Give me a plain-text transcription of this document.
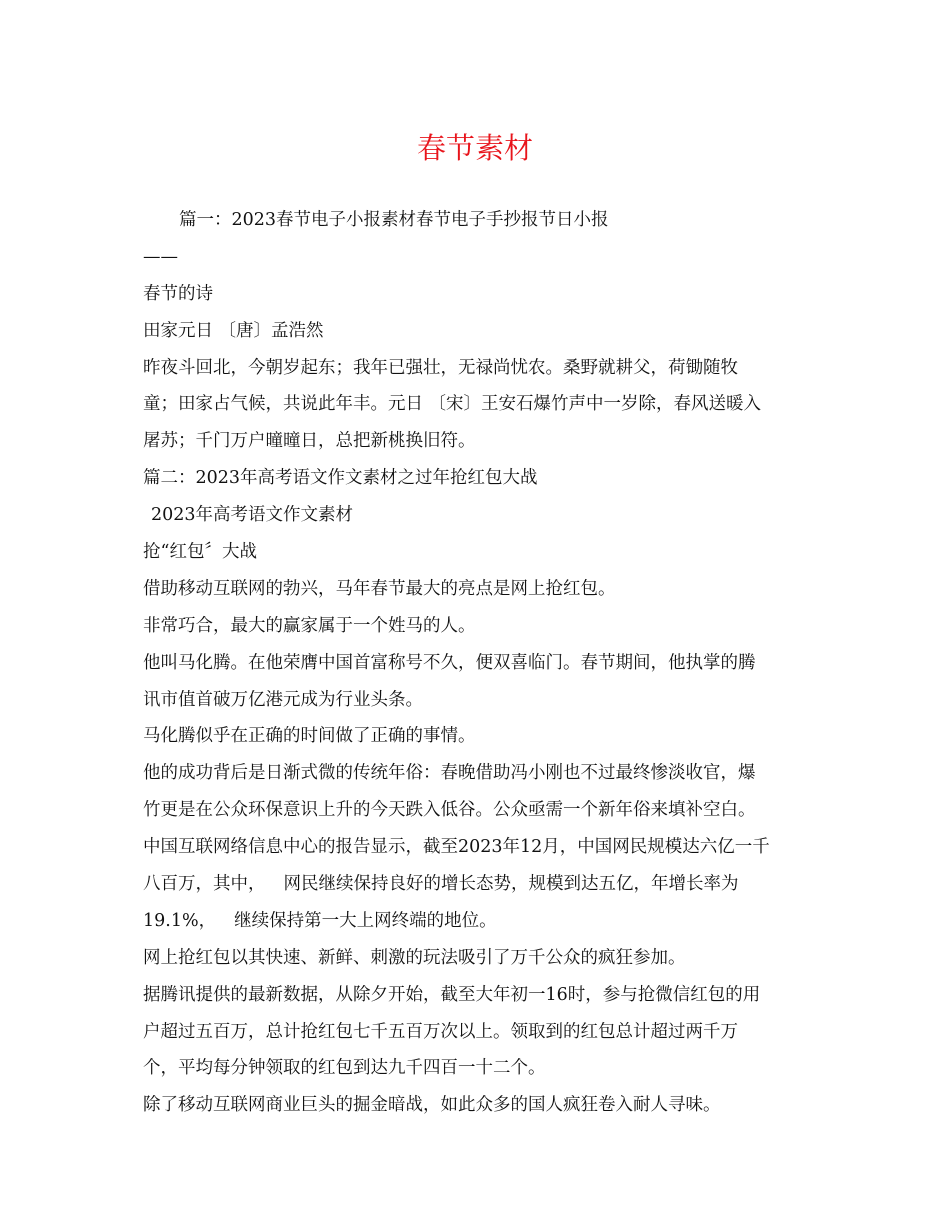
春节素材
篇一：2023春节电子小报素材春节电子手抄报节日小报
——
春节的诗
田家元日 〔唐〕孟浩然
昨夜斗回北，今朝岁起东；我年已强壮，无禄尚忧农。桑野就耕父，荷锄随牧
童；田家占气候，共说此年丰。元日 〔宋〕王安石爆竹声中一岁除，春风送暖入
屠苏；千门万户曈曈日，总把新桃换旧符。
篇二：2023年高考语文作文素材之过年抢红包大战
2023年高考语文作文素材
抢“红包〞大战
借助移动互联网的勃兴，马年春节最大的亮点是网上抢红包。
非常巧合，最大的赢家属于一个姓马的人。
他叫马化腾。在他荣膺中国首富称号不久，便双喜临门。春节期间，他执掌的腾
讯市值首破万亿港元成为行业头条。
马化腾似乎在正确的时间做了正确的事情。
他的成功背后是日渐式微的传统年俗：春晚借助冯小刚也不过最终惨淡收官，爆
竹更是在公众环保意识上升的今天跌入低谷。公众亟需一个新年俗来填补空白。
中国互联网络信息中心的报告显示，截至2023年12月，中国网民规模达六亿一千
八百万，其中， 网民继续保持良好的增长态势，规模到达五亿，年增长率为
19.1%， 继续保持第一大上网终端的地位。
网上抢红包以其快速、新鲜、刺激的玩法吸引了万千公众的疯狂参加。
据腾讯提供的最新数据，从除夕开始，截至大年初一16时，参与抢微信红包的用
户超过五百万，总计抢红包七千五百万次以上。领取到的红包总计超过两千万
个，平均每分钟领取的红包到达九千四百一十二个。
除了移动互联网商业巨头的掘金暗战，如此众多的国人疯狂卷入耐人寻味。
